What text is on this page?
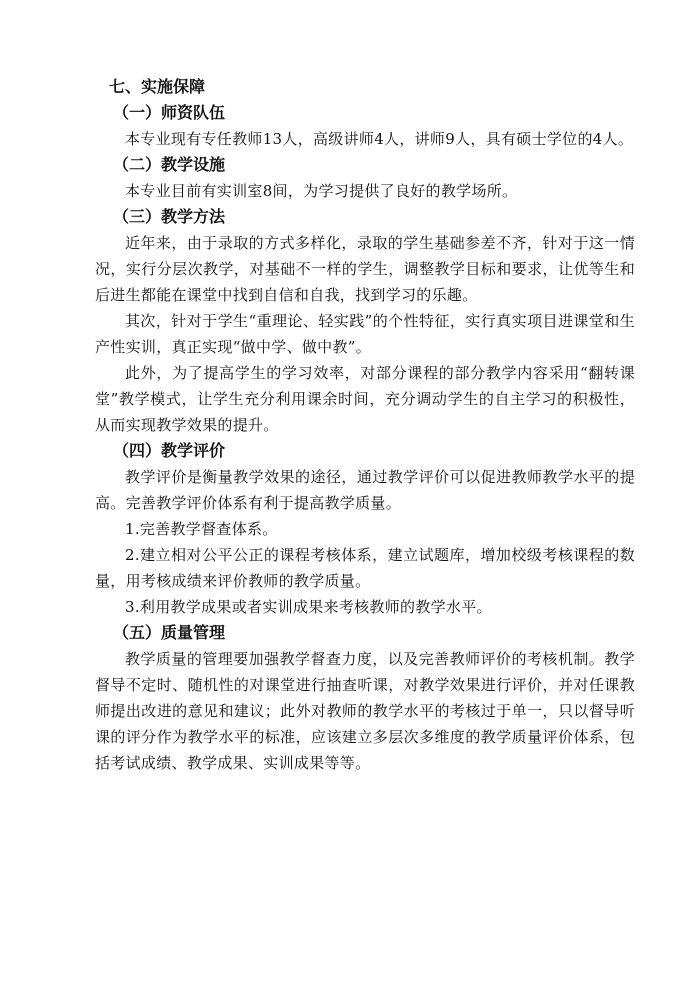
七、实施保障
（一）师资队伍

本专业现有专任教师13人，高级讲师4人，讲师9人，具有硕士学位的4人。

（二）教学设施

本专业目前有实训室8间，为学习提供了良好的教学场所。

（三）教学方法

近年来，由于录取的方式多样化，录取的学生基础参差不齐，针对于这一情况，实行分层次教学，对基础不一样的学生，调整教学目标和要求，让优等生和后进生都能在课堂中找到自信和自我，找到学习的乐趣。

其次，针对于学生“重理论、轻实践”的个性特征，实行真实项目进课堂和生产性实训，真正实现“做中学、做中教”。

此外，为了提高学生的学习效率，对部分课程的部分教学内容采用“翻转课堂”教学模式，让学生充分利用课余时间，充分调动学生的自主学习的积极性，从而实现教学效果的提升。

（四）教学评价

教学评价是衡量教学效果的途径，通过教学评价可以促进教师教学水平的提高。完善教学评价体系有利于提高教学质量。

1.完善教学督查体系。

2.建立相对公平公正的课程考核体系，建立试题库，增加校级考核课程的数量，用考核成绩来评价教师的教学质量。

3.利用教学成果或者实训成果来考核教师的教学水平。

（五）质量管理

教学质量的管理要加强教学督查力度，以及完善教师评价的考核机制。教学督导不定时、随机性的对课堂进行抽查听课，对教学效果进行评价，并对任课教师提出改进的意见和建议；此外对教师的教学水平的考核过于单一，只以督导听课的评分作为教学水平的标准，应该建立多层次多维度的教学质量评价体系，包括考试成绩、教学成果、实训成果等等。
